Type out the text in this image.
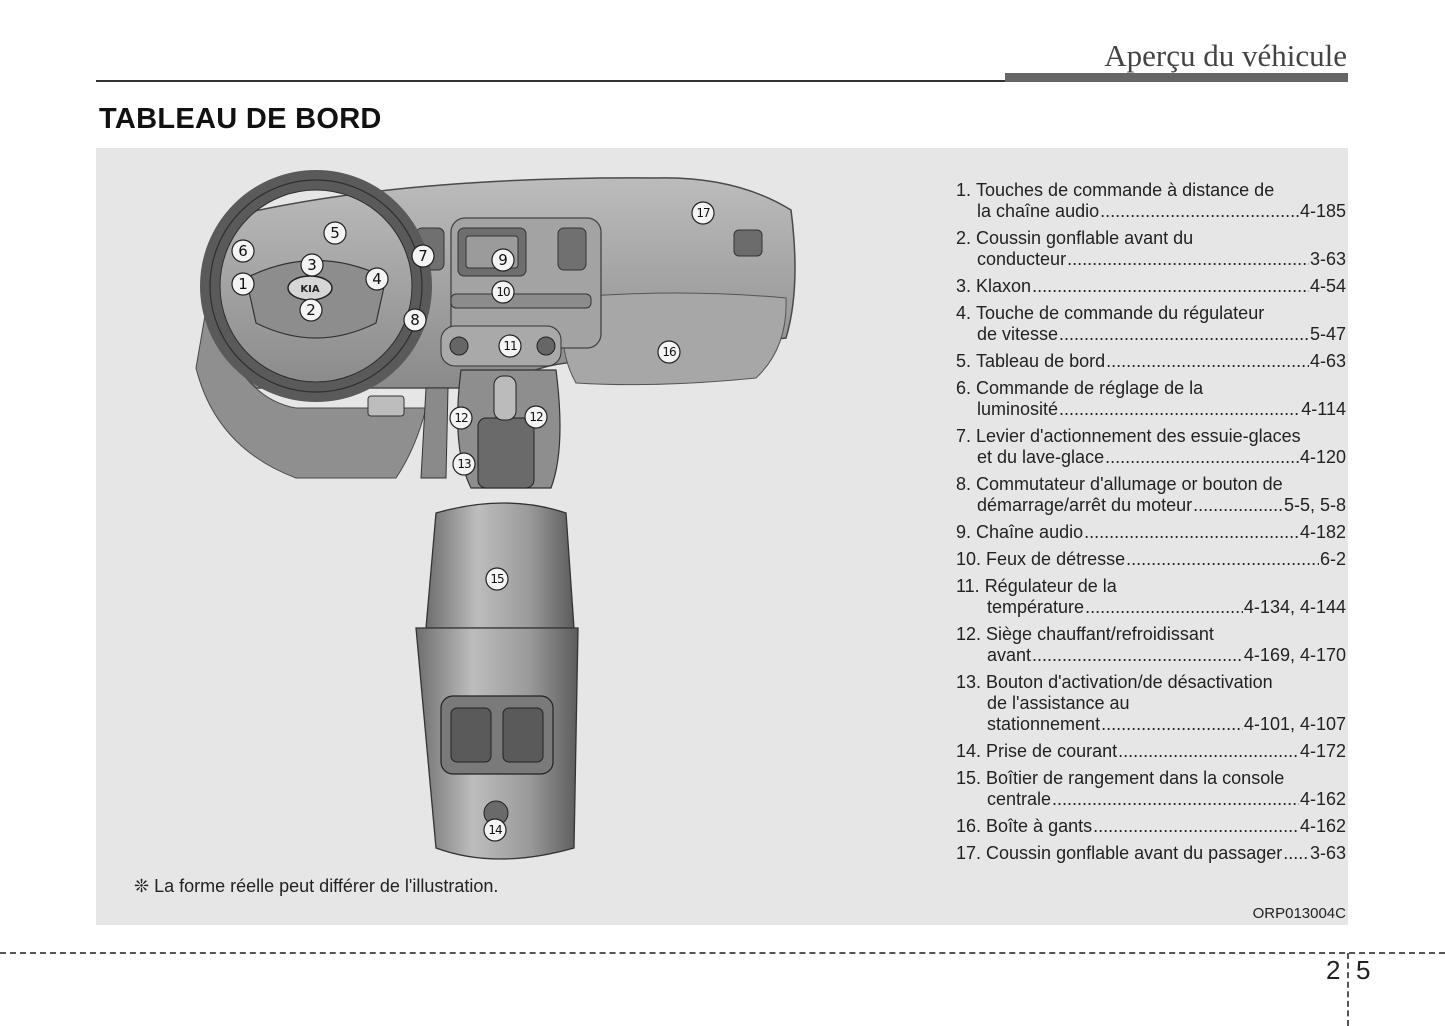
Aperçu du véhicule
TABLEAU DE BORD
KIA
1
2
3
4
5
6	7
8
9
10
11
12	12
13
14
15
16
17
1. Touches de commande à distance de
la chaîne audio .....	4-185
2. Coussin gonflable avant du
conducteur .....	3-63
3. Klaxon .....	4-54
4. Touche de commande du régulateur
de vitesse .....	5-47
5. Tableau de bord .....	4-63
6. Commande de réglage de la
luminosité .....	4-114
7. Levier d'actionnement des essuie-glaces
et du lave-glace .....	4-120
8. Commutateur d'allumage or bouton de
démarrage/arrêt du moteur .....	5-5, 5-8
9. Chaîne audio .....	4-182
10. Feux de détresse .....	6-2
11. Régulateur de la
température .....	4-134, 4-144
12. Siège chauffant/refroidissant
avant .....	4-169, 4-170
13. Bouton d'activation/de désactivation
de l'assistance au
stationnement .....	4-101, 4-107
14. Prise de courant .....	4-172
15. Boîtier de rangement dans la console
centrale .....	4-162
16. Boîte à gants .....	4-162
17. Coussin gonflable avant du passager ..... 3-63
❊ La forme réelle peut différer de l'illustration.
ORP013004C
2 5
